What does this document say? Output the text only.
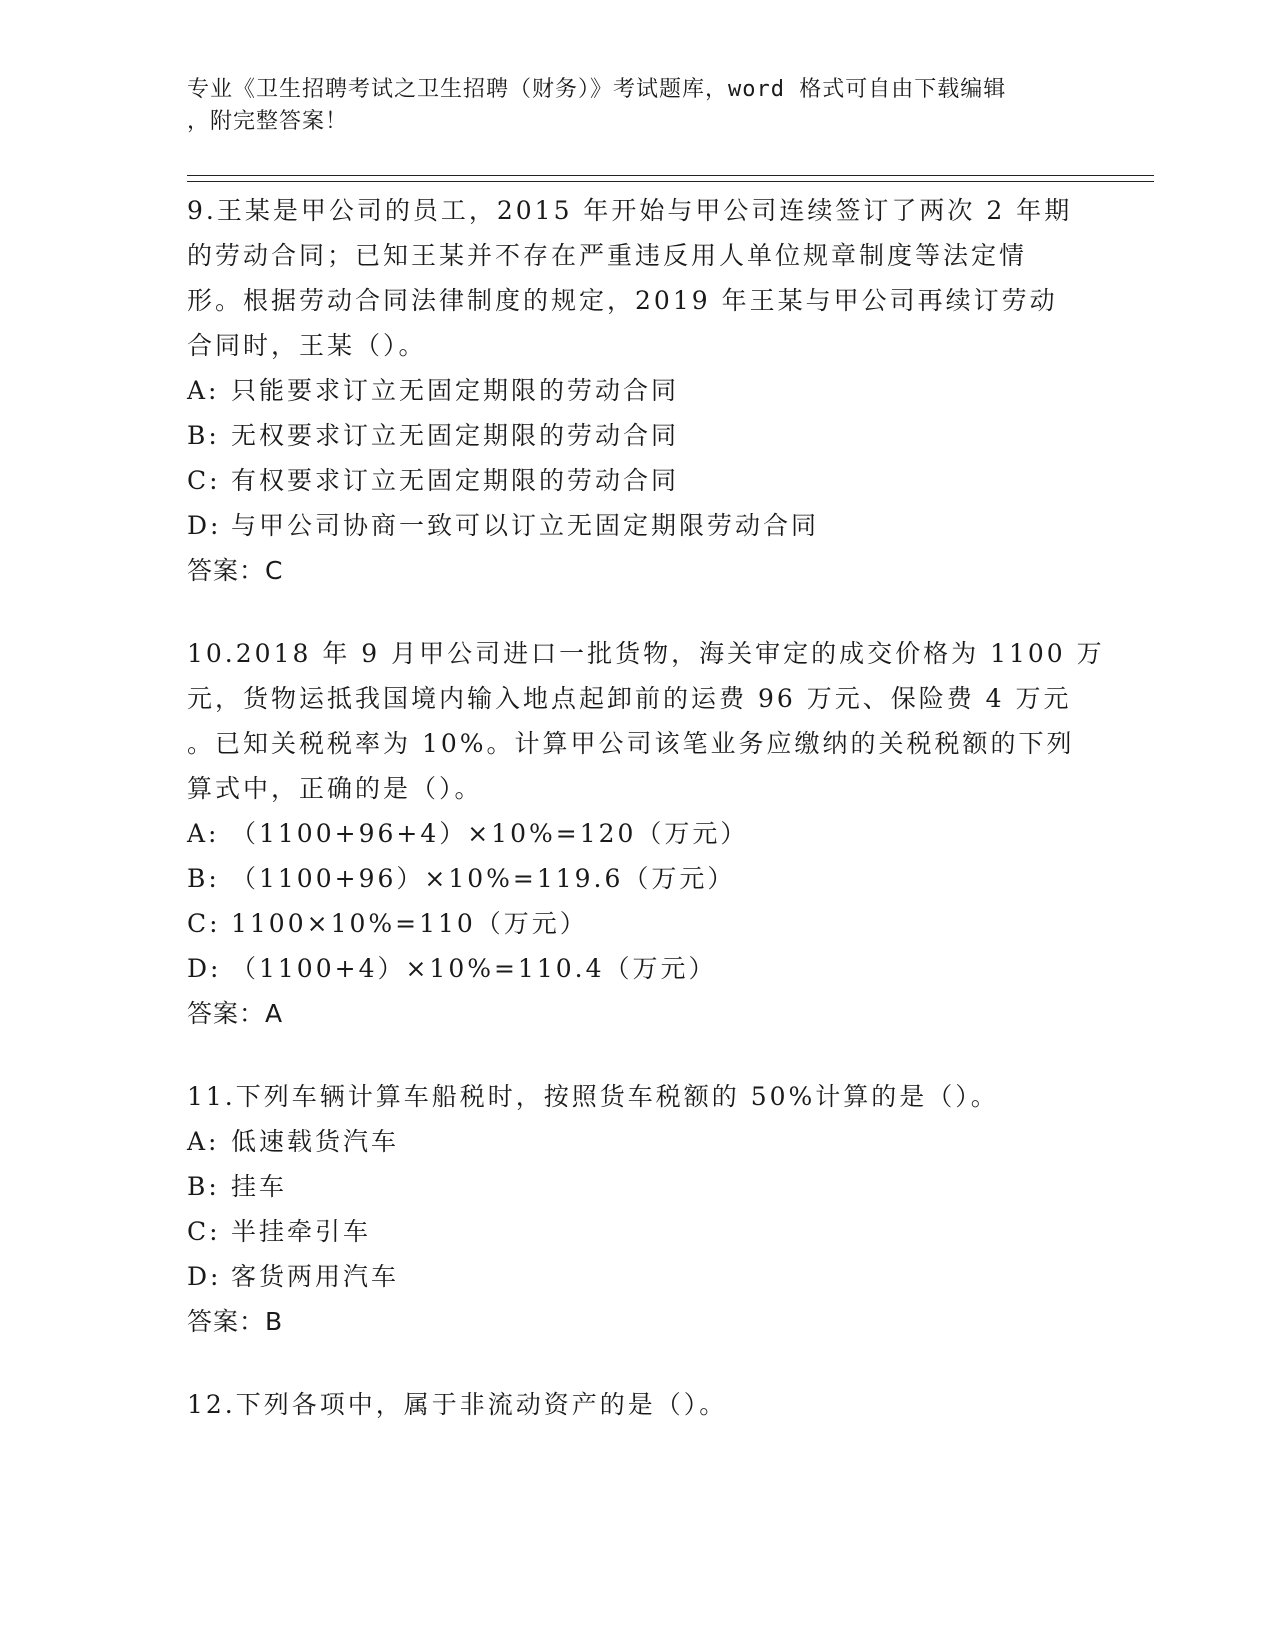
专业《卫生招聘考试之卫生招聘（财务）》考试题库，word 格式可自由下载编辑
，附完整答案！
9.王某是甲公司的员工，2015 年开始与甲公司连续签订了两次 2 年期
的劳动合同；已知王某并不存在严重违反用人单位规章制度等法定情
形。根据劳动合同法律制度的规定，2019 年王某与甲公司再续订劳动
合同时，王某（）。
A: 只能要求订立无固定期限的劳动合同
B: 无权要求订立无固定期限的劳动合同
C: 有权要求订立无固定期限的劳动合同
D: 与甲公司协商一致可以订立无固定期限劳动合同
答案：C
10.2018 年 9 月甲公司进口一批货物，海关审定的成交价格为 1100 万
元，货物运抵我国境内输入地点起卸前的运费 96 万元、保险费 4 万元
。已知关税税率为 10%。计算甲公司该笔业务应缴纳的关税税额的下列
算式中，正确的是（）。
A: （1100+96+4）×10%=120（万元）
B: （1100+96）×10%=119.6（万元）
C: 1100×10%=110（万元）
D: （1100+4）×10%=110.4（万元）
答案：A
11.下列车辆计算车船税时，按照货车税额的 50%计算的是（）。
A: 低速载货汽车
B: 挂车
C: 半挂牵引车
D: 客货两用汽车
答案：B
12.下列各项中，属于非流动资产的是（）。
